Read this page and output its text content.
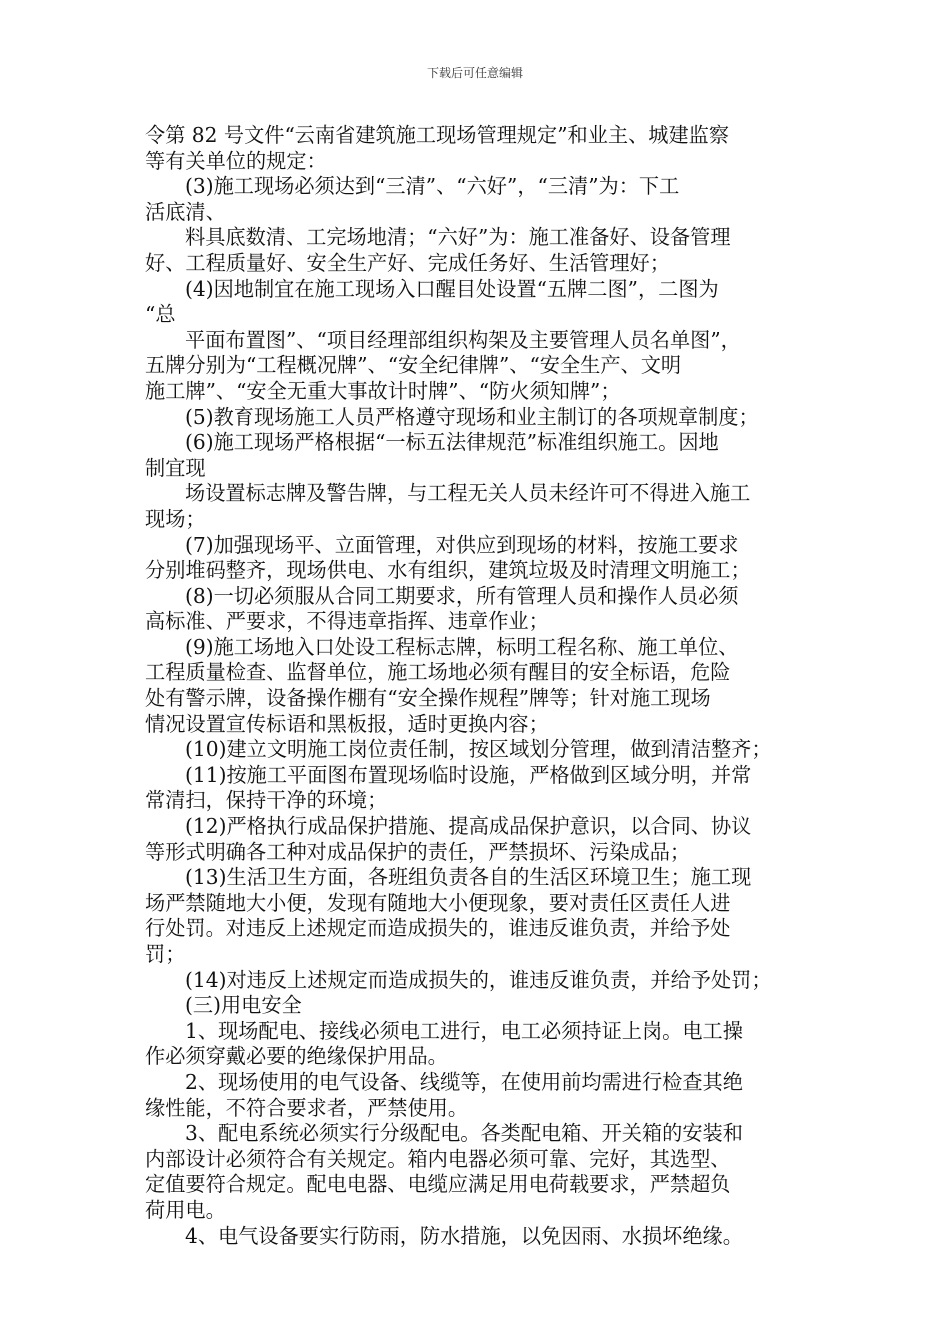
下载后可任意编辑
令第 82 号文件“云南省建筑施工现场管理规定”和业主、城建监察
等有关单位的规定：
(3)施工现场必须达到“三清”、“六好”，“三清”为：下工
活底清、
料具底数清、工完场地清；“六好”为：施工准备好、设备管理
好、工程质量好、安全生产好、完成任务好、生活管理好；
(4)因地制宜在施工现场入口醒目处设置“五牌二图”，二图为
“总
平面布置图”、“项目经理部组织构架及主要管理人员名单图”，
五牌分别为“工程概况牌”、“安全纪律牌”、“安全生产、文明
施工牌”、“安全无重大事故计时牌”、“防火须知牌”；
(5)教育现场施工人员严格遵守现场和业主制订的各项规章制度；
(6)施工现场严格根据“一标五法律规范”标准组织施工。因地
制宜现
场设置标志牌及警告牌，与工程无关人员未经许可不得进入施工
现场；
(7)加强现场平、立面管理，对供应到现场的材料，按施工要求
分别堆码整齐，现场供电、水有组织，建筑垃圾及时清理文明施工；
(8)一切必须服从合同工期要求，所有管理人员和操作人员必须
高标准、严要求，不得违章指挥、违章作业；
(9)施工场地入口处设工程标志牌，标明工程名称、施工单位、
工程质量检查、监督单位，施工场地必须有醒目的安全标语，危险
处有警示牌，设备操作棚有“安全操作规程”牌等；针对施工现场
情况设置宣传标语和黑板报，适时更换内容；
(10)建立文明施工岗位责任制，按区域划分管理，做到清洁整齐；
(11)按施工平面图布置现场临时设施，严格做到区域分明，并常
常清扫，保持干净的环境；
(12)严格执行成品保护措施、提高成品保护意识，以合同、协议
等形式明确各工种对成品保护的责任，严禁损坏、污染成品；
(13)生活卫生方面，各班组负责各自的生活区环境卫生；施工现
场严禁随地大小便，发现有随地大小便现象，要对责任区责任人进
行处罚。对违反上述规定而造成损失的，谁违反谁负责，并给予处
罚；
(14)对违反上述规定而造成损失的，谁违反谁负责，并给予处罚；
(三)用电安全
1、现场配电、接线必须电工进行，电工必须持证上岗。电工操
作必须穿戴必要的绝缘保护用品。
2、现场使用的电气设备、线缆等，在使用前均需进行检查其绝
缘性能，不符合要求者，严禁使用。
3、配电系统必须实行分级配电。各类配电箱、开关箱的安装和
内部设计必须符合有关规定。箱内电器必须可靠、完好，其选型、
定值要符合规定。配电电器、电缆应满足用电荷载要求，严禁超负
荷用电。
4、电气设备要实行防雨，防水措施，以免因雨、水损坏绝缘。
